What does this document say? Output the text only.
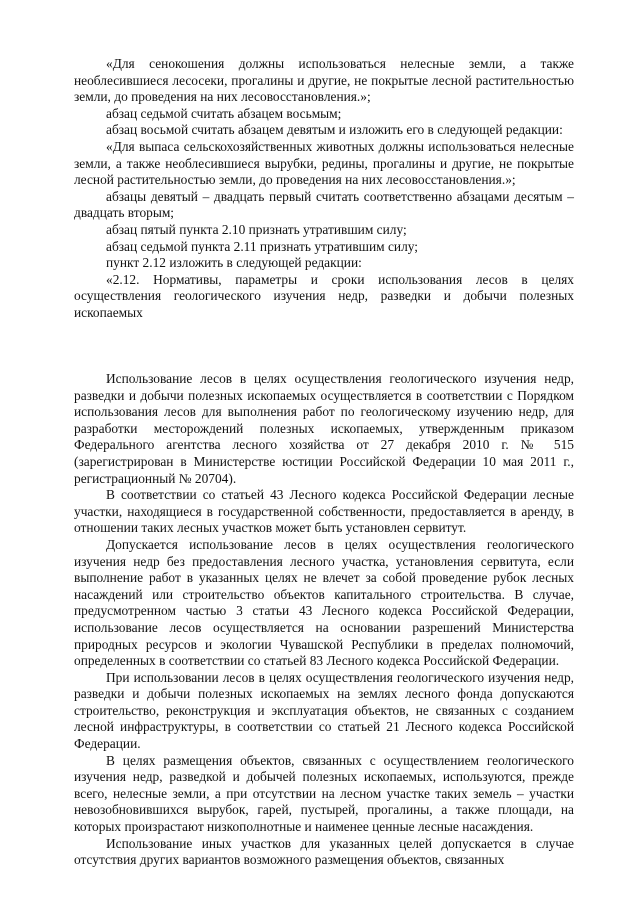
«Для сенокошения должны использоваться нелесные земли, а также необлесившиеся лесосеки, прогалины и другие, не покрытые лесной растительностью земли, до проведения на них лесовосстановления.»;

абзац седьмой считать абзацем восьмым;

абзац восьмой считать абзацем девятым и изложить его в следующей редакции:

«Для выпаса сельскохозяйственных животных должны использоваться нелесные земли, а также необлесившиеся вырубки, редины, прогалины и другие, не покрытые лесной растительностью земли, до проведения на них лесовосстановления.»;

абзацы девятый – двадцать первый считать соответственно абзацами десятым – двадцать вторым;

абзац пятый пункта 2.10 признать утратившим силу;

абзац седьмой пункта 2.11 признать утратившим силу;

пункт 2.12 изложить в следующей редакции:

«2.12. Нормативы, параметры и сроки использования лесов в целях осуществления геологического изучения недр, разведки и добычи полезных ископаемых

Использование лесов в целях осуществления геологического изучения недр, разведки и добычи полезных ископаемых осуществляется в соответствии с Порядком использования лесов для выполнения работ по геологическому изучению недр, для разработки месторождений полезных ископаемых, утвержденным приказом Федерального агентства лесного хозяйства от 27 декабря 2010 г. № 515 (зарегистрирован в Министерстве юстиции Российской Федерации 10 мая 2011 г., регистрационный № 20704).

В соответствии со статьей 43 Лесного кодекса Российской Федерации лесные участки, находящиеся в государственной собственности, предоставляется в аренду, в отношении таких лесных участков может быть установлен сервитут.

Допускается использование лесов в целях осуществления геологического изучения недр без предоставления лесного участка, установления сервитута, если выполнение работ в указанных целях не влечет за собой проведение рубок лесных насаждений или строительство объектов капитального строительства. В случае, предусмотренном частью 3 статьи 43 Лесного кодекса Российской Федерации, использование лесов осуществляется на основании разрешений Министерства природных ресурсов и экологии Чувашской Республики в пределах полномочий, определенных в соответствии со статьей 83 Лесного кодекса Российской Федерации.

При использовании лесов в целях осуществления геологического изучения недр, разведки и добычи полезных ископаемых на землях лесного фонда допускаются строительство, реконструкция и эксплуатация объектов, не связанных с созданием лесной инфраструктуры, в соответствии со статьей 21 Лесного кодекса Российской Федерации.

В целях размещения объектов, связанных с осуществлением геологического изучения недр, разведкой и добычей полезных ископаемых, используются, прежде всего, нелесные земли, а при отсутствии на лесном участке таких земель – участки невозобновившихся вырубок, гарей, пустырей, прогалины, а также площади, на которых произрастают низкополнотные и наименее ценные лесные насаждения.

Использование иных участков для указанных целей допускается в случае отсутствия других вариантов возможного размещения объектов, связанных
